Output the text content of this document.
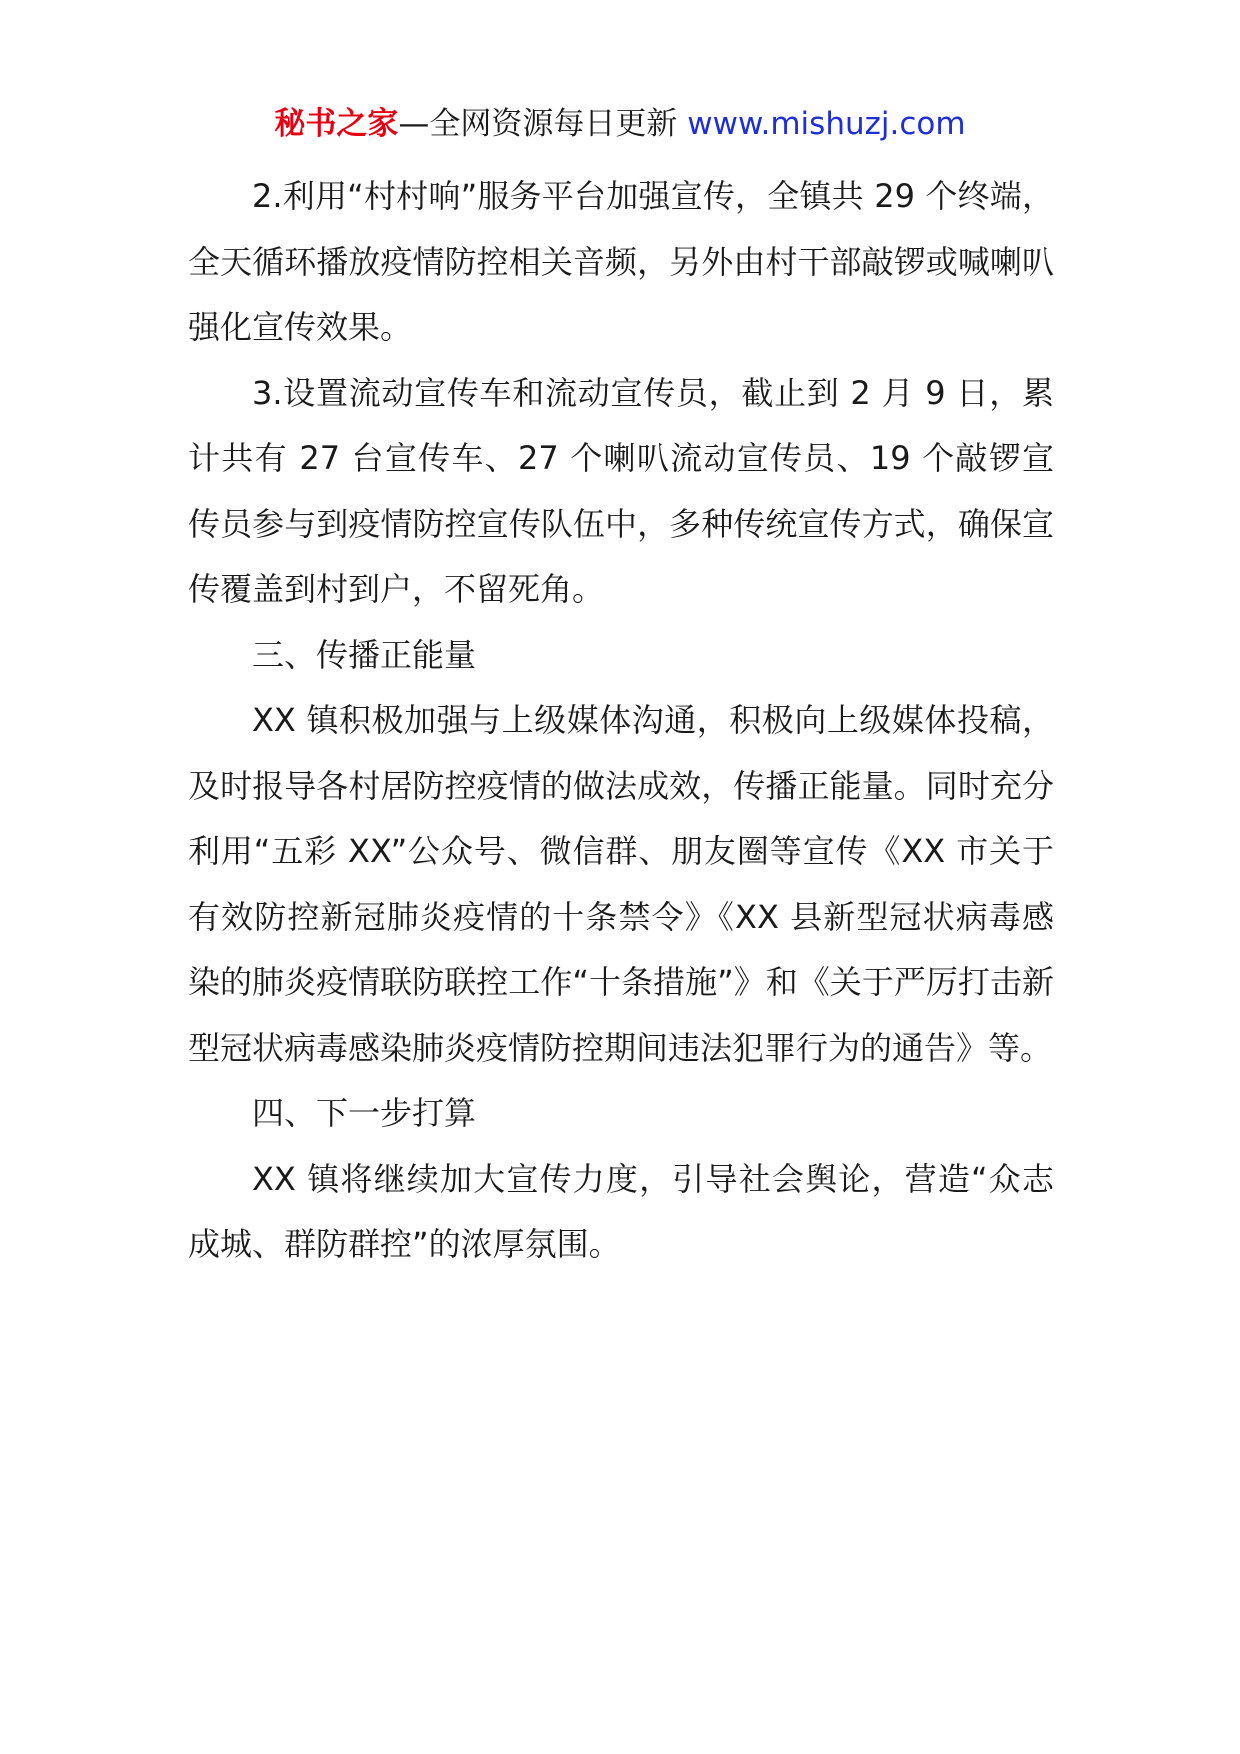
秘书之家—全网资源每日更新 www.mishuzj.com

2.利用“村村响”服务平台加强宣传，全镇共 29 个终端，全天循环播放疫情防控相关音频，另外由村干部敲锣或喊喇叭强化宣传效果。

3.设置流动宣传车和流动宣传员，截止到 2 月 9 日，累计共有 27 台宣传车、27 个喇叭流动宣传员、19 个敲锣宣传员参与到疫情防控宣传队伍中，多种传统宣传方式，确保宣传覆盖到村到户，不留死角。

三、传播正能量

XX 镇积极加强与上级媒体沟通，积极向上级媒体投稿，及时报导各村居防控疫情的做法成效，传播正能量。同时充分利用“五彩 XX”公众号、微信群、朋友圈等宣传《XX 市关于有效防控新冠肺炎疫情的十条禁令》《XX 县新型冠状病毒感染的肺炎疫情联防联控工作“十条措施”》和《关于严厉打击新型冠状病毒感染肺炎疫情防控期间违法犯罪行为的通告》等。

四、下一步打算

XX 镇将继续加大宣传力度，引导社会舆论，营造“众志成城、群防群控”的浓厚氛围。
